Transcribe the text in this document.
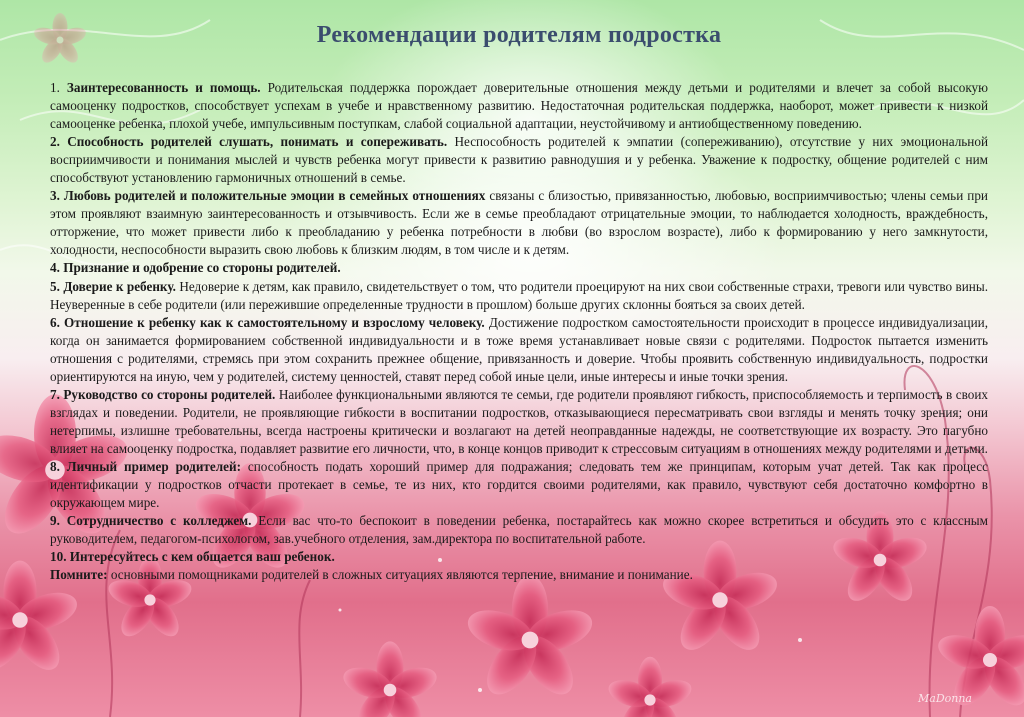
Рекомендации родителям подростка

1. Заинтересованность и помощь. Родительская поддержка порождает доверительные отношения между детьми и родителями и влечет за собой высокую самооценку подростков, способствует успехам в учебе и нравственному развитию. Недостаточная родительская поддержка, наоборот, может привести к низкой самооценке ребенка, плохой учебе, импульсивным поступкам, слабой социальной адаптации, неустойчивому и антиобщественному поведению.

2. Способность родителей слушать, понимать и сопереживать. Неспособность родителей к эмпатии (сопереживанию), отсутствие у них эмоциональной восприимчивости и понимания мыслей и чувств ребенка могут привести к развитию равнодушия и у ребенка. Уважение к подростку, общение родителей с ним способствуют установлению гармоничных отношений в семье.

3. Любовь родителей и положительные эмоции в семейных отношениях связаны с близостью, привязанностью, любовью, восприимчивостью; члены семьи при этом проявляют взаимную заинтересованность и отзывчивость. Если же в семье преобладают отрицательные эмоции, то наблюдается холодность, враждебность, отторжение, что может привести либо к преобладанию у ребенка потребности в любви (во взрослом возрасте), либо к формированию у него замкнутости, холодности, неспособности выразить свою любовь к близким людям, в том числе и к детям.

4. Признание и одобрение со стороны родителей.

5. Доверие к ребенку. Недоверие к детям, как правило, свидетельствует о том, что родители проецируют на них свои собственные страхи, тревоги или чувство вины. Неуверенные в себе родители (или пережившие определенные трудности в прошлом) больше других склонны бояться за своих детей.

6. Отношение к ребенку как к самостоятельному и взрослому человеку. Достижение подростком самостоятельности происходит в процессе индивидуализации, когда он занимается формированием собственной индивидуальности и в тоже время устанавливает новые связи с родителями. Подросток пытается изменить отношения с родителями, стремясь при этом сохранить прежнее общение, привязанность и доверие. Чтобы проявить собственную индивидуальность, подростки ориентируются на иную, чем у родителей, систему ценностей, ставят перед собой иные цели, иные интересы и иные точки зрения.

7. Руководство со стороны родителей. Наиболее функциональными являются те семьи, где родители проявляют гибкость, приспособляемость и терпимость в своих взглядах и поведении. Родители, не проявляющие гибкости в воспитании подростков, отказывающиеся пересматривать свои взгляды и менять точку зрения; они нетерпимы, излишне требовательны, всегда настроены критически и возлагают на детей неоправданные надежды, не соответствующие их возрасту. Это пагубно влияет на самооценку подростка, подавляет развитие его личности, что, в конце концов приводит к стрессовым ситуациям в отношениях между родителями и детьми.

8. Личный пример родителей: способность подать хороший пример для подражания; следовать тем же принципам, которым учат детей. Так как процесс идентификации у подростков отчасти протекает в семье, те из них, кто гордится своими родителями, как правило, чувствуют себя достаточно комфортно в окружающем мире.

9. Сотрудничество с колледжем. Если вас что-то беспокоит в поведении ребенка, постарайтесь как можно скорее встретиться и обсудить это с классным руководителем, педагогом-психологом, зав.учебного отделения, зам.директора по воспитательной работе.

10. Интересуйтесь с кем общается ваш ребенок.

Помните: основными помощниками родителей в сложных ситуациях являются терпение, внимание и понимание.

MaDonna
